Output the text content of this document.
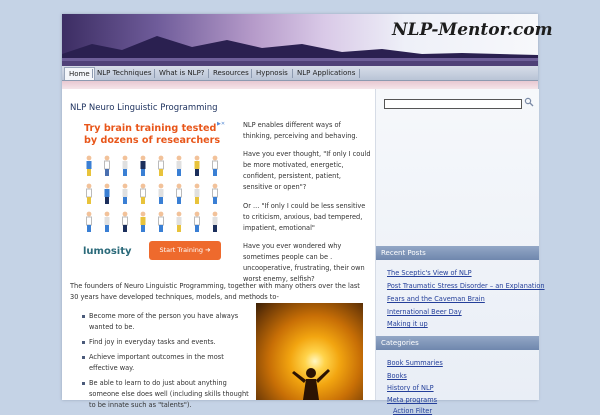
NLP-Mentor.com
Home	NLP Techniques	What is NLP?	Resources	Hypnosis	NLP Applications
NLP Neuro Linguistic Programming
Try brain training tested
by dozens of researchers
lumosity	Start Training ➔
▶✕	NLP enables different ways of thinking, perceiving and behaving.
Have you ever thought, "If only I could be more motivated, energetic, confident, persistent, patient, sensitive or open"?
Or ... "If only I could be less sensitive to criticism, anxious, bad tempered, impatient, emotional"
Have you ever wondered why sometimes people can be . uncooperative, frustrating, their own worst enemy, selfish?
The founders of Neuro Linguistic Programming, together with many others over the last 30 years have developed techniques, models, and methods to-
Become more of the person you have always wanted to be.
Find joy in everyday tasks and events.
Achieve important outcomes in the most effective way.
Be able to learn to do just about anything someone else does well (including skills thought to be innate such as "talents").
Recent Posts
The Sceptic's View of NLP
Post Traumatic Stress Disorder – an Explanation
Fears and the Caveman Brain
International Beer Day
Making it up
Categories
Book Summaries
Books
History of NLP
Meta programs
Action Filter
